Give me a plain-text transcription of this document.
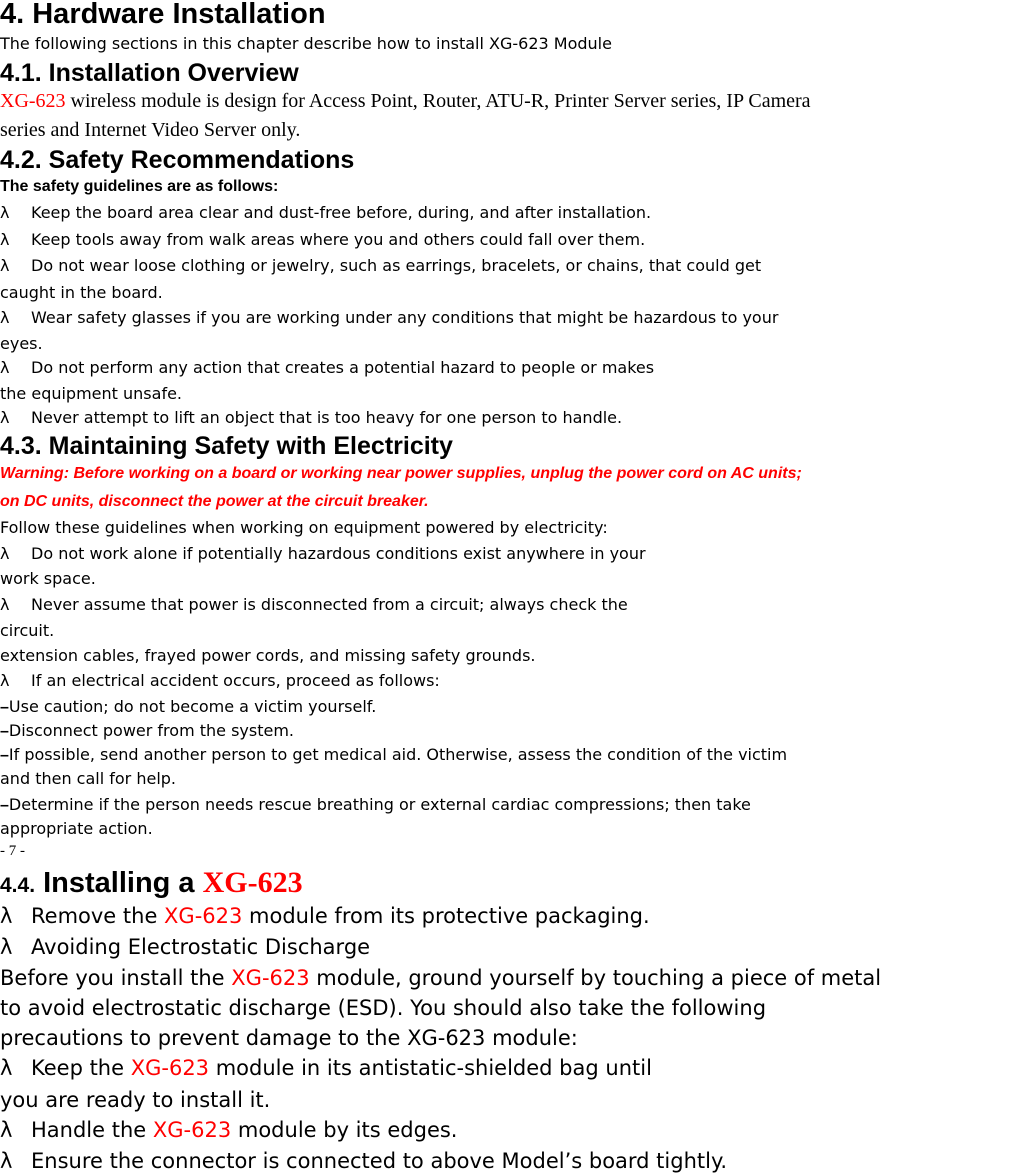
4. Hardware Installation
The following sections in this chapter describe how to install XG-623 Module
4.1. Installation Overview
XG-623 wireless module is design for Access Point, Router, ATU-R, Printer Server series, IP Camera
series and Internet Video Server only.
4.2. Safety Recommendations
The safety guidelines are as follows:
λ Keep the board area clear and dust-free before, during, and after installation.
λ Keep tools away from walk areas where you and others could fall over them.
λ Do not wear loose clothing or jewelry, such as earrings, bracelets, or chains, that could get
caught in the board.
λ Wear safety glasses if you are working under any conditions that might be hazardous to your
eyes.
λ Do not perform any action that creates a potential hazard to people or makes
the equipment unsafe.
λ Never attempt to lift an object that is too heavy for one person to handle.
4.3. Maintaining Safety with Electricity
Warning: Before working on a board or working near power supplies, unplug the power cord on AC units;
on DC units, disconnect the power at the circuit breaker.
Follow these guidelines when working on equipment powered by electricity:
λ Do not work alone if potentially hazardous conditions exist anywhere in your
work space.
λ Never assume that power is disconnected from a circuit; always check the
circuit.
extension cables, frayed power cords, and missing safety grounds.
λ If an electrical accident occurs, proceed as follows:
–Use caution; do not become a victim yourself.
–Disconnect power from the system.
–If possible, send another person to get medical aid. Otherwise, assess the condition of the victim
and then call for help.
–Determine if the person needs rescue breathing or external cardiac compressions; then take
appropriate action.
- 7 -
4.4. Installing a XG-623
λ Remove the XG-623 module from its protective packaging.
λ Avoiding Electrostatic Discharge
Before you install the XG-623 module, ground yourself by touching a piece of metal
to avoid electrostatic discharge (ESD). You should also take the following
precautions to prevent damage to the XG-623 module:
λ Keep the XG-623 module in its antistatic-shielded bag until
you are ready to install it.
λ Handle the XG-623 module by its edges.
λ Ensure the connector is connected to above Model’s board tightly.
